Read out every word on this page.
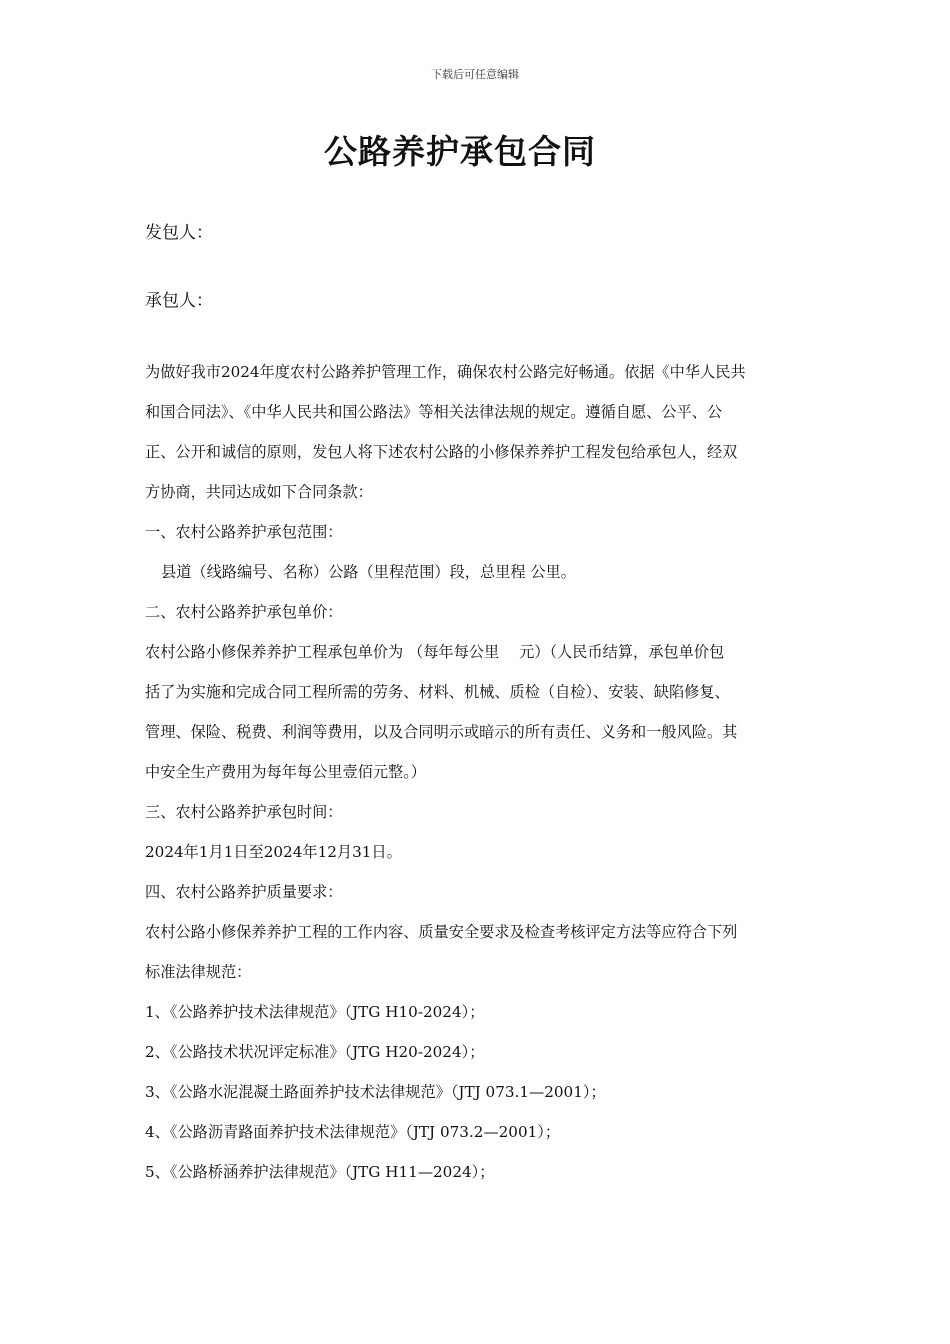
下载后可任意编辑
公路养护承包合同
发包人：
承包人：

为做好我市2024年度农村公路养护管理工作，确保农村公路完好畅通。依据《中华人民共

和国合同法》、《中华人民共和国公路法》等相关法律法规的规定。遵循自愿、公平、公

正、公开和诚信的原则，发包人将下述农村公路的小修保养养护工程发包给承包人，经双

方协商，共同达成如下合同条款：

一、农村公路养护承包范围：

县道（线路编号、名称）公路（里程范围）段，总里程 公里。

二、农村公路养护承包单价：

农村公路小修保养养护工程承包单价为 （每年每公里　 元）（人民币结算，承包单价包

括了为实施和完成合同工程所需的劳务、材料、机械、质检（自检）、安装、缺陷修复、

管理、保险、税费、利润等费用，以及合同明示或暗示的所有责任、义务和一般风险。其

中安全生产费用为每年每公里壹佰元整。）

三、农村公路养护承包时间：

2024年1月1日至2024年12月31日。

四、农村公路养护质量要求：

农村公路小修保养养护工程的工作内容、质量安全要求及检查考核评定方法等应符合下列

标准法律规范：

1、《公路养护技术法律规范》（JTG H10-2024）；

2、《公路技术状况评定标准》（JTG H20-2024）；

3、《公路水泥混凝土路面养护技术法律规范》（JTJ 073.1—2001）；

4、《公路沥青路面养护技术法律规范》（JTJ 073.2—2001）；

5、《公路桥涵养护法律规范》（JTG H11—2024）；
